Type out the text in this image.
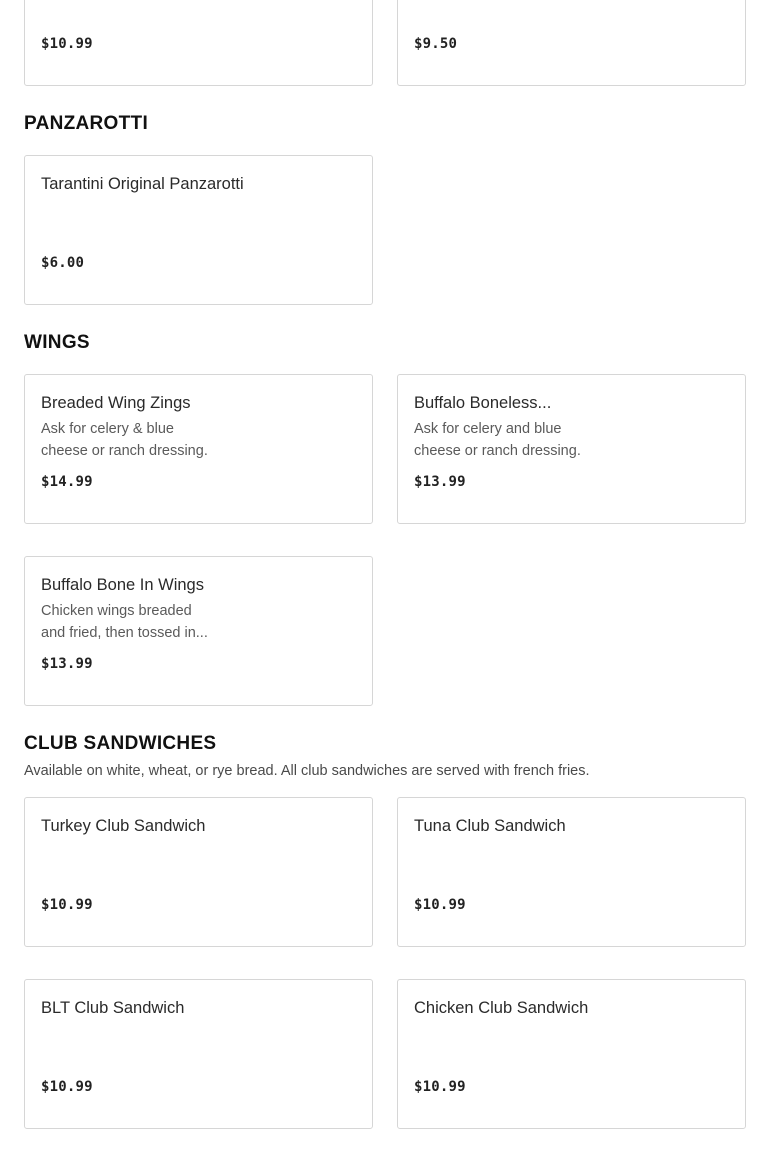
$10.99	$9.50
PANZAROTTI
Tarantini Original Panzarotti
$6.00
WINGS
Breaded Wing Zings
Ask for celery & blue cheese or ranch dressing.
$14.99
Buffalo Boneless...
Ask for celery and blue cheese or ranch dressing.
$13.99
Buffalo Bone In Wings
Chicken wings breaded and fried, then tossed in...
$13.99
CLUB SANDWICHES

Available on white, wheat, or rye bread. All club sandwiches are served with french fries.

Turkey Club Sandwich
$10.99
Tuna Club Sandwich
$10.99
BLT Club Sandwich
$10.99
Chicken Club Sandwich
$10.99
